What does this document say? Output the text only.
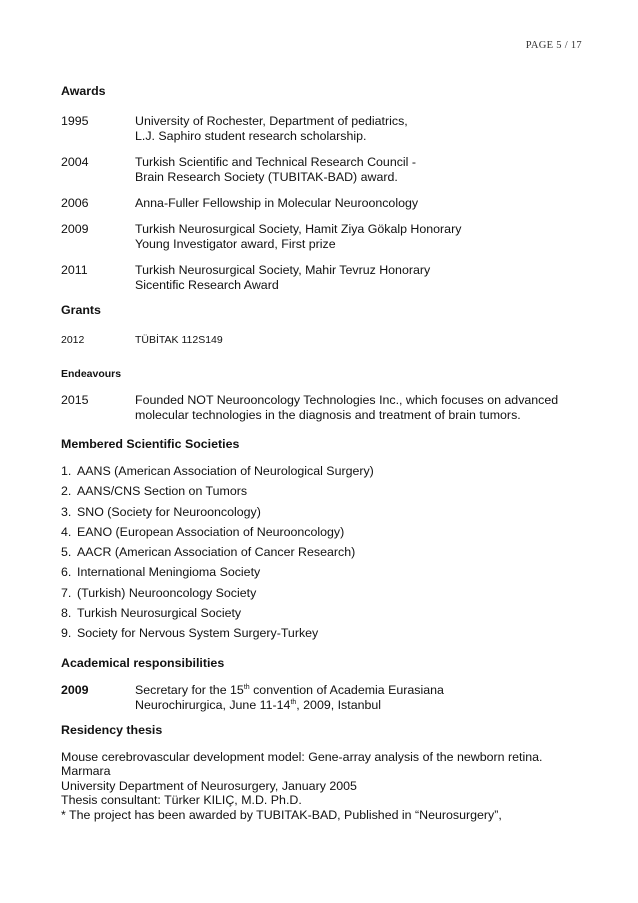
PAGE 5 / 17
Awards
1995	University of Rochester, Department of pediatrics,
L.J. Saphiro student research scholarship.
2004	Turkish Scientific and Technical Research Council -
Brain Research Society (TUBITAK-BAD) award.
2006	Anna-Fuller Fellowship in Molecular Neurooncology
2009	Turkish Neurosurgical Society, Hamit Ziya Gökalp Honorary
Young Investigator award, First prize
2011	Turkish Neurosurgical Society, Mahir Tevruz Honorary
Sicentific Research Award
Grants
2012	TÜBİTAK 112S149
Endeavours
2015	Founded NOT Neurooncology Technologies Inc., which focuses on advanced
molecular technologies in the diagnosis and treatment of brain tumors.
Membered Scientific Societies
1. AANS (American Association of Neurological Surgery)
2. AANS/CNS Section on Tumors
3. SNO (Society for Neurooncology)
4. EANO (European Association of Neurooncology)
5. AACR (American Association of Cancer Research)
6. International Meningioma Society
7. (Turkish) Neurooncology Society
8. Turkish Neurosurgical Society
9. Society for Nervous System Surgery-Turkey
Academical responsibilities
2009	Secretary for the 15th convention of Academia Eurasiana
Neurochirurgica, June 11-14th, 2009, Istanbul
Residency thesis

Mouse cerebrovascular development model: Gene-array analysis of the newborn retina. Marmara

University Department of Neurosurgery, January 2005

Thesis consultant: Türker KILIÇ, M.D. Ph.D.

* The project has been awarded by TUBITAK-BAD, Published in “Neurosurgery”,
